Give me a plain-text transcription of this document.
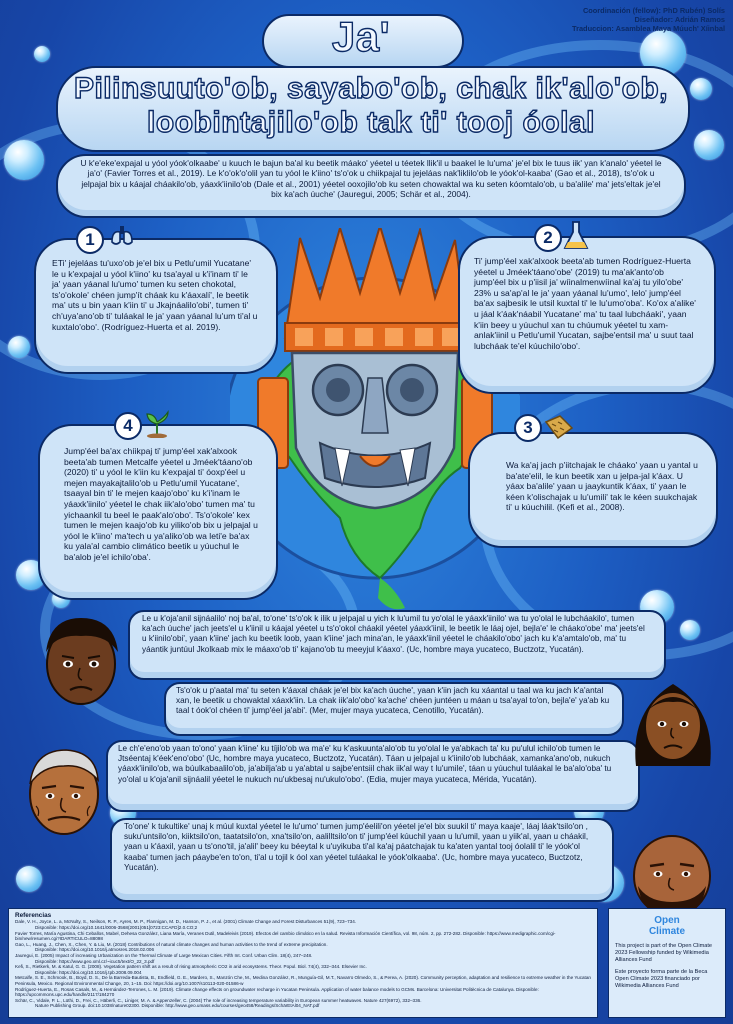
Coordinación (fellow): PhD Rubén) Solís
Diseñador: Adrián Ramos
Traduccion: Asamblea Maya Múuch' Xíinbal
Ja'
Pilinsuuto'ob, sayabo'ob, chak ik'alo'ob,
loobintajilo'ob tak ti' tooj óolal
U k'e'eke'expajal u yóol yóok'olkaabe' u kuuch le bajun ba'al ku beetik máako' yéetel u téetek llik'il u baakel le lu'uma' je'el bix le tuus iik' yan k'analo' yéetel le ja'o' (Favier Torres et al., 2019). Le k'o'ok'o'olil yan tu yóol le k'iino' ts'o'ok u chiikpajal tu jejeláas nak'liklilo'ob le yóok'ol-kaaba' (Gao et al., 2018), ts'o'ok u jelpajal bix u káajal cháakilo'ob, yáaxk'iinilo'ob (Dale et al., 2001) yéetel ooxojilo'ob ku seten chowaktal wa ku seten kóomtalo'ob, u ba'alile' ma' jets'eltak je'el bix ka'ach úuche' (Jauregui, 2005; Schär et al., 2004).
1
ETi' jejeláas tu'uxo'ob je'el bix u Petlu'umil Yucatane' le u k'expajal u yóol k'iino' ku tsa'ayal u k'i'inam ti' le ja' yaan yáanal lu'umo' tumen ku seten chokotal, ts'o'okole' chéen jump'ít cháak ku k'áaxalí', le beetik ma' uts u bin yaan k'iin ti' u Jkajnáalilo'obi', tumen ti' ch'uya'ano'ob ti' tuláakal le ja' yaan yáanal lu'um ti'al u kuxtalo'obo'. (Rodríguez-Huerta et al. 2019).
2
Ti' jump'éel xak'alxook beeta'ab tumen Rodríguez-Huerta yéetel u Jméek'táano'obe' (2019) tu ma'ak'anto'ob jump'éel bix u p'iisil ja' wíinalmenwíinal ka'aj tu yilo'obe' 23% u sa'ap'al le ja' yaan yáanal lu'umo', lelo' jump'éel ba'ax sajbesik le utsil kuxtal ti' le lu'umo'oba'. Ko'ox a'alike' u jáal k'áak'náabil Yucatane' ma' tu taal lubcháaki', yaan k'iin beey u yúuchul xan tu chúumuk yéetel tu xam-anlak'iinil u Petlu'umil Yucatan, sajbe'entsil ma' u suut taal lubcháak te'el kúuchilo'obo'.
4
Jump'éel ba'ax chíikpaj ti' jump'éel xak'alxook beeta'ab tumen Metcalfe yéetel u Jméek'táano'ob (2020) ti' u yóol le k'iin ku k'expajal ti' óoxp'éel u mejen mayakajtalilo'ob u Petlu'umil Yucatane', tsaayal bin ti' le mejen kaajo'obo' ku k'i'inam le yáaxk'iinilo' yéetel le chak iik'alo'obo' tumen ma' tu yichaankil tu beel le paak'alo'obo'. Ts'o'okole' kex tumen le mejen kaajo'ob ku yiliko'ob bix u jelpajal u yóol le k'iino' ma'tech u ya'aliko'ob wa leti'e ba'ax ku yala'al cambio climático beetik u yúuchul le ba'alob je'el ichilo'oba'.
3
Wa ka'aj jach p'iitchajak le cháako' yaan u yantal u ba'ate'elil, le kun beetik xan u jelpa-jal k'áax. U yáax ba'alile' yaan u jaaykuntik k'áax, ti' yaan le kéen k'olischajak u lu'umili' tak le kéen suukchajak ti' u kúuchilil. (Kefi et al., 2008).
Le u k'oja'anil sijnáalilo' noj ba'al, to'one' ts'o'ok k ilik u jelpajal u yich k lu'umil tu yo'olal le yáaxk'iinilo' wa tu yo'olal le lubcháakilo', tumen ka'ach úuche' jach jeets'el u k'iinil u káajal yéetel u ts'o'okol cháakil yéetel yáaxk'iinil, le beetik le láaj ojel, bejla'e' le cháako'obe' ma' jeets'el u k'iinilo'obi', yaan k'iine' jach ku beetik loob, yaan k'iine' jach mina'an, le yáaxk'iinil yéetel le cháakilo'obo' jach ku k'a'amtalo'ob, ma' tu yáantik juntúul Jkolkaab mix le máaxo'ob ti' kajano'ob tu meeyjul k'áaxo'. (Uc, hombre maya yucateco, Buctzotz, Yucatán).
Ts'o'ok u p'aatal ma' tu seten k'áaxal cháak je'el bix ka'ach úuche', yaan k'iin jach ku xáantal u taal wa ku jach k'a'antal xan, le beetik u chowaktal xáaxk'iin. La chak iik'alo'obo' ka'ache' chéen juntéen u máan u tsa'ayal to'on, bejla'e' ya'ab ku taal t óok'ol chéen ti' jump'éel ja'abi'. (Mer, mujer maya yucateca, Cenotillo, Yucatán).
Le ch'e'eno'ob yaan to'ono' yaan k'iine' ku tíjilo'ob wa ma'e' ku k'askuunta'alo'ob tu yo'olal le ya'abkach ta' ku pu'ulul ichilo'ob tumen le Jtséentaj k'éek'eno'obo' (Uc, hombre maya yucateco, Buctzotz, Yucatán). Táan u jelpajal u k'iinilo'ob lubcháak, xamanka'ano'ob, nukuch yáaxk'iinilo'ob, wa búulkabaalilo'ob, ja'abilja'ab u ya'abtal u sajbe'entsiil chak iik'al way t lu'umile', táan u yúuchul tuláakal le ba'alo'oba' tu yo'olal u k'oja'anil sijnáalil yéetel le nukuch nu'ukbesaj nu'ukulo'obo'. (Edia, mujer maya yucateca, Mérida, Yucatán).
To'one' k tukultike' unaj k múul kuxtal yéetel le lu'umo' tumen jump'éelili'on yéetel je'el bix suukil ti' maya kaaje', láaj láak'tsilo'on , suku'untsilo'on, kiiktsilo'on, taatatsilo'on, xna'tsilo'on, aalilltsilo'on ti' jump'éel kúuchil yaan u lu'umil, yaan u yiik'al, yaan u cháakil, yaan u k'áaxil, yaan u ts'ono'til, ja'alil' beey ku béeytal k u'uyikuba ti'al ka'aj páatchajak tu ka'aten yantal tooj óolalil ti' le yóok'ol kaaba' tumen jach páaybe'en to'on, ti'al u tojil k óol xan yéetel tuláakal le yóok'olkaaba'. (Uc, hombre maya yucateco, Buctzotz, Yucatán).
Referencias
Dale, V. H., Joyce, L. a, McNulty, S., Neilson, R. P., Ayres, M. P., Flannigan, M. D., Hanson, P. J., et al. (2001) Climate Change and Forest Disturbances 51(9), 723–734.
Disponible: https://doi.org/10.1641/0006-3568(2001)051[0723:CCAFD]2.0.CO;2
Favier Torres, María Agustina, Chi Ceballos, Mabel, Dehesa González, Liana María, Veranes Dutil, Madeleivis (2019). Efectos del cambio climático en la salud. Revista Información Científica, vol. 98, núm. 2, pp. 272-282. Disponible: https://www.medigraphic.com/cgi-bin/new/resumen.cgi?IDARTICULO=88098
Gao, L., Huang, J., Chen, X., Chen, Y. & Liu, M. (2018) Contributions of natural climate changes and human activities to the trend of extreme precipitation.
Disponible: https://doi.org/10.1016/j.atmosres.2018.02.006
Jauregui, E. (2005) Impact of increasing Urbanization on the Thermal Climate of Large Mexican Cities. Fifth Int. Conf. Urban Clim. 18(4), 247–248.
Disponible: https://www.geo.xml.cz/~icuc5/text/O_22_3.pdf
Kefi, S., Rietkerk, M. & Katul, G. G. (2008). Vegetation pattern shift as a result of rising atmospheric CO2 in arid ecosystems. Theor. Popul. Biol. 74(4), 332–344. Elsevier Inc.
Disponible: https://doi.org/10.1016/j.tpb.2008.09.004
Metcalfe, S. E., Schmook, B., Boyd, D. S., De la Barreda-Bautista, B., Endfield, G. E., Mardero, S., Manzón Che, M., Medina González, R., Munguía-Gil, M.T., Navarro Olmedo, S., & Perea, A. (2020). Community perception, adaptation and resilience to extreme weather in the Yucatan Peninsula, Mexico. Regional Environmental Change, 20, 1–15. Doi: https://doi.org/10.1007/s10113-020-01586-w
Rodríguez-Huerta, E., Rosas Casals, M., & Hernández-Terrones, L. M. (2019). Climate change effects on groundwater recharge in Yucatan Peninsula. Application of water balance models to GCMs. Barcelona: Universitat Politècnica de Catalunya. Disponible: https://upcommons.upc.edu/handle/2117/184270
Schär, C., Vidale, P. L., Lüthi, D., Frei, C., Häberli, C., Liniger, M. A. & Appenzeller, C. (2004) The role of increasing temperature variability in European summer heatwaves. Nature 427(6972), 332–336.
Nature Publishing Group. doi:10.1038/nature02300. Disponible: http://www.geo.umass.edu/courses/geo458/Readings/SchärEtAl04_NAT.pdf
Open
Climate
This project is part of the Open Climate 2023 Fellowship funded by Wikimedia Alliances Fund
Este proyecto forma parte de la Beca Open Climate 2023 financiado por Wikimedia Alliances Fund
